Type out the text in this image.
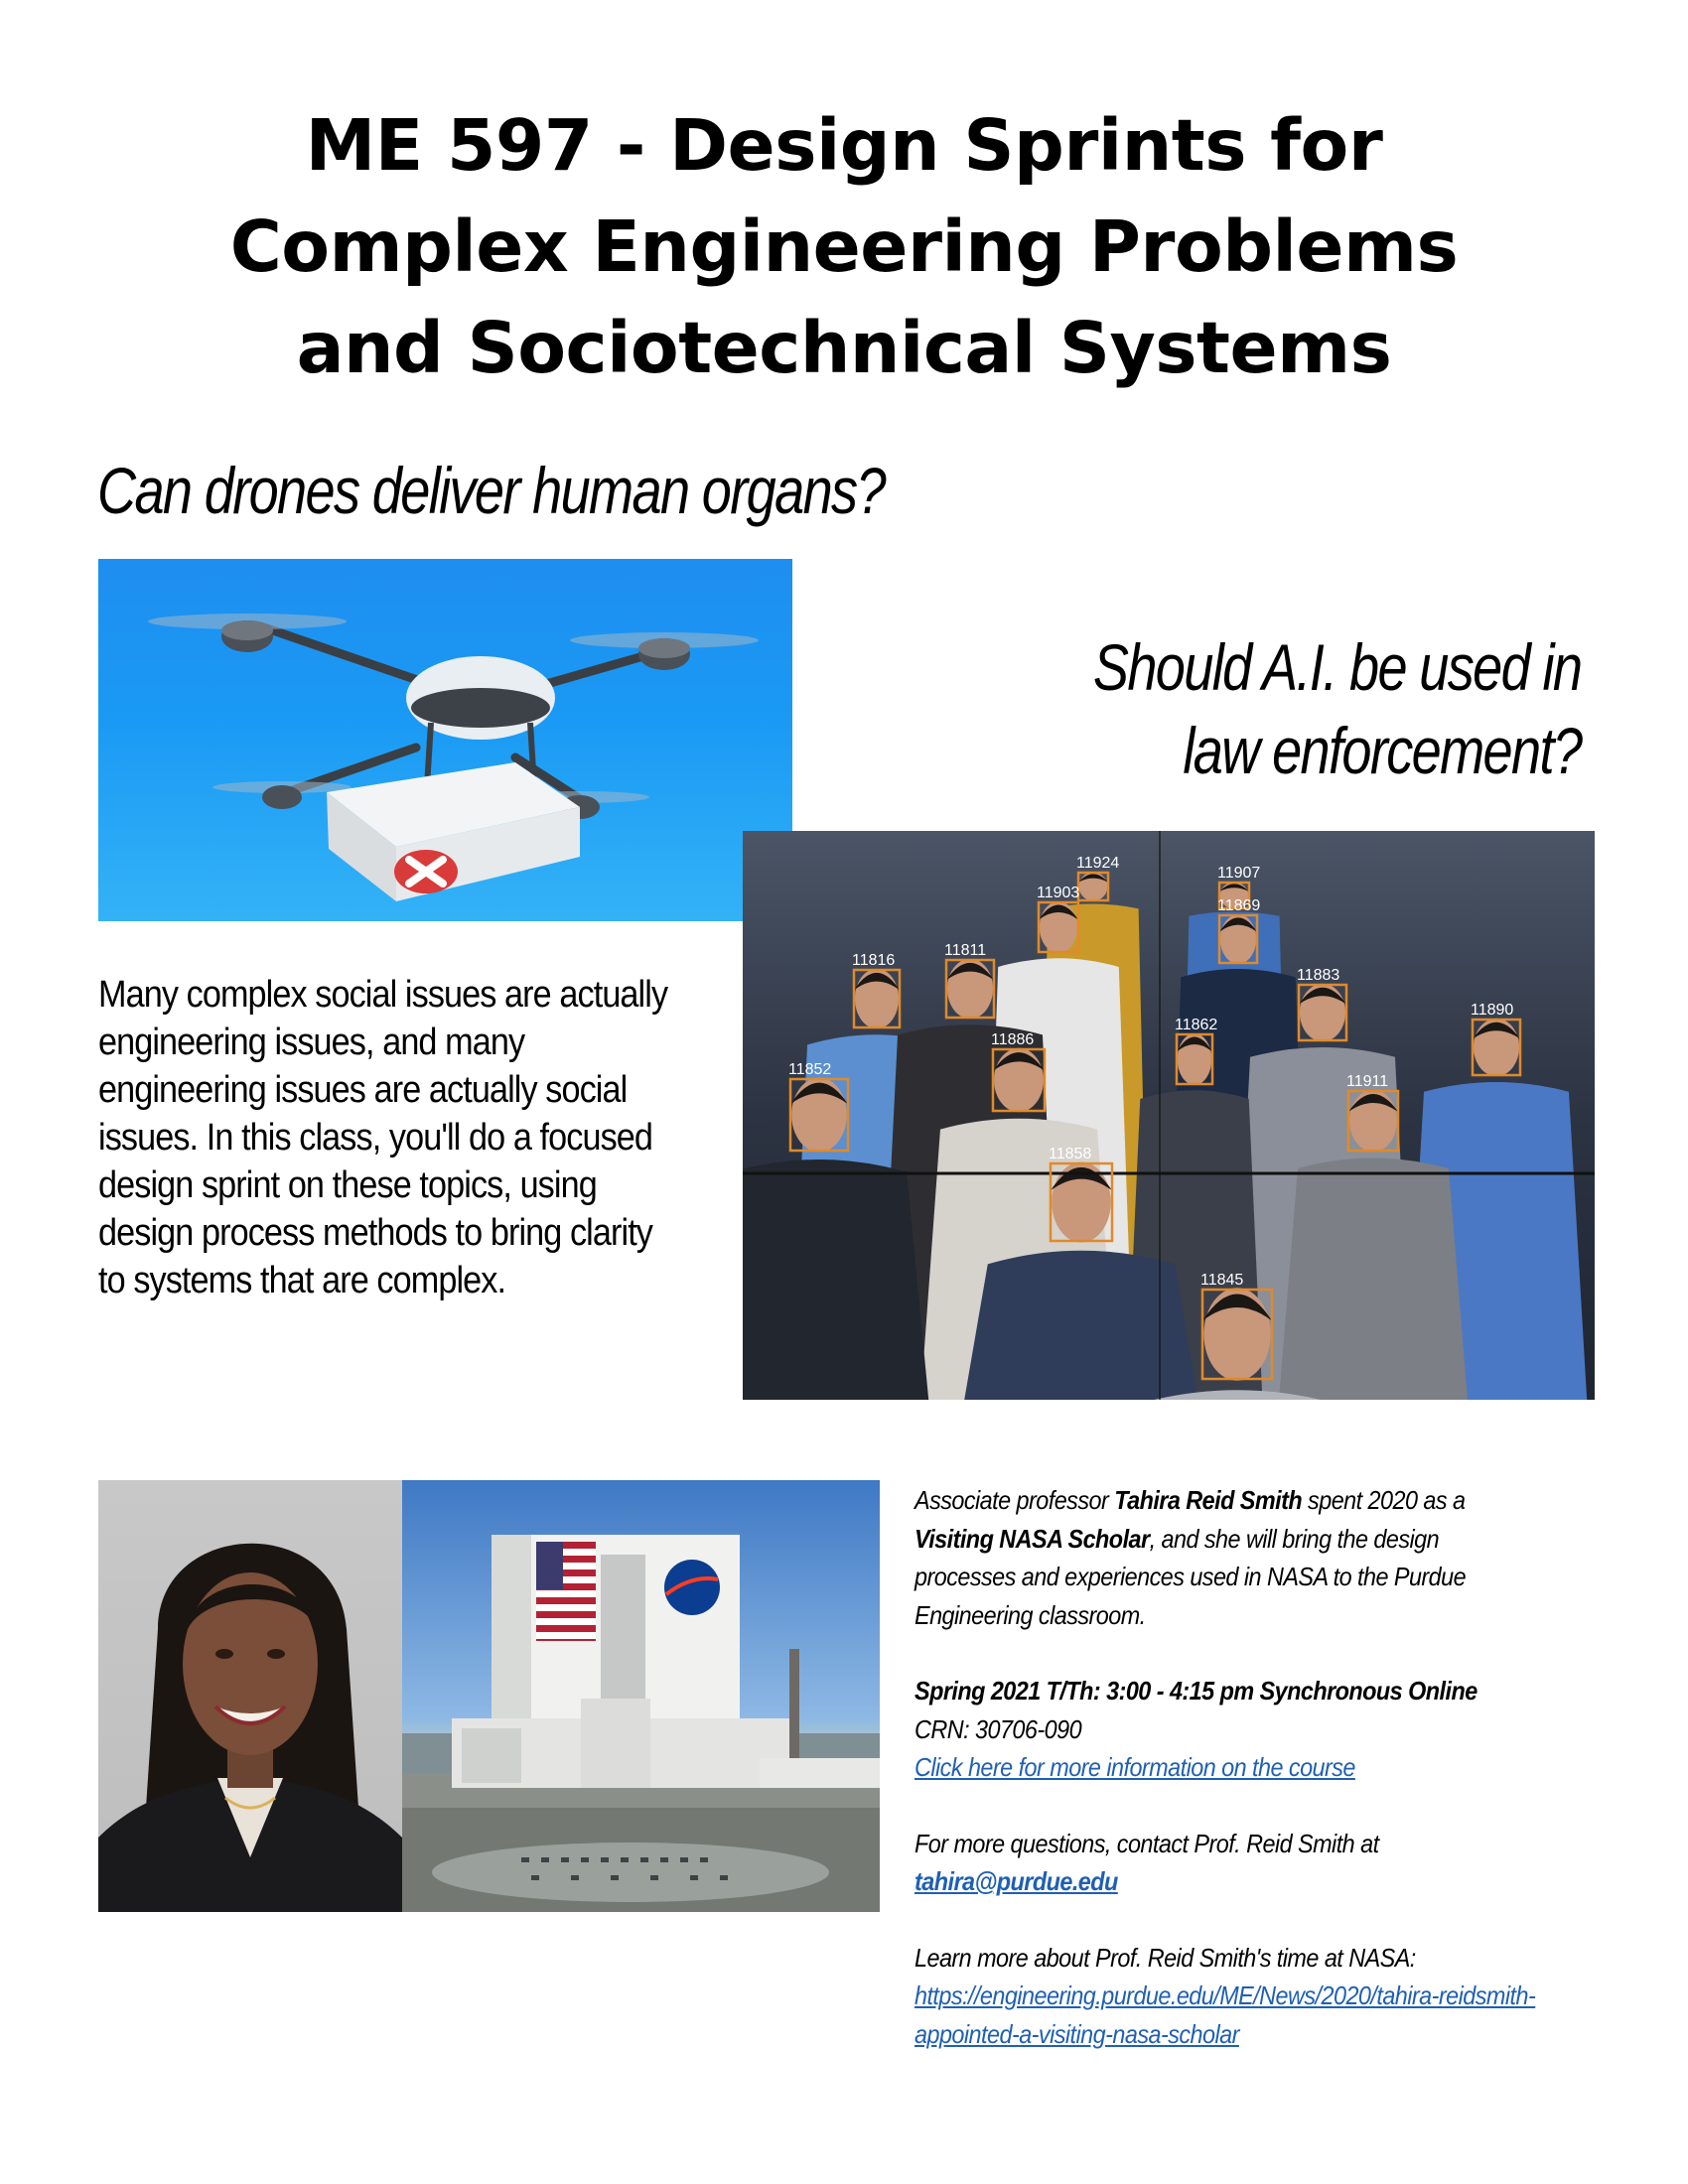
ME 597 - Design Sprints for
Complex Engineering Problems
and Sociotechnical Systems

Can drones deliver human organs?

Should A.I. be used in
law enforcement?
11924
11907
11903
11869
11816
11811
11883
11862
11886
11890
11852
11911
11858
11845

Many complex social issues are actually engineering issues, and many engineering issues are actually social issues. In this class, you'll do a focused design sprint on these topics, using design process methods to bring clarity to systems that are complex.

Associate professor Tahira Reid Smith spent 2020 as a Visiting NASA Scholar, and she will bring the design processes and experiences used in NASA to the Purdue Engineering classroom.

Spring 2021 T/Th: 3:00 - 4:15 pm Synchronous Online

CRN: 30706-090

Click here for more information on the course

For more questions, contact Prof. Reid Smith at

tahira@purdue.edu

Learn more about Prof. Reid Smith's time at NASA:

https://engineering.purdue.edu/ME/News/2020/tahira-reidsmith-appointed-a-visiting-nasa-scholar
